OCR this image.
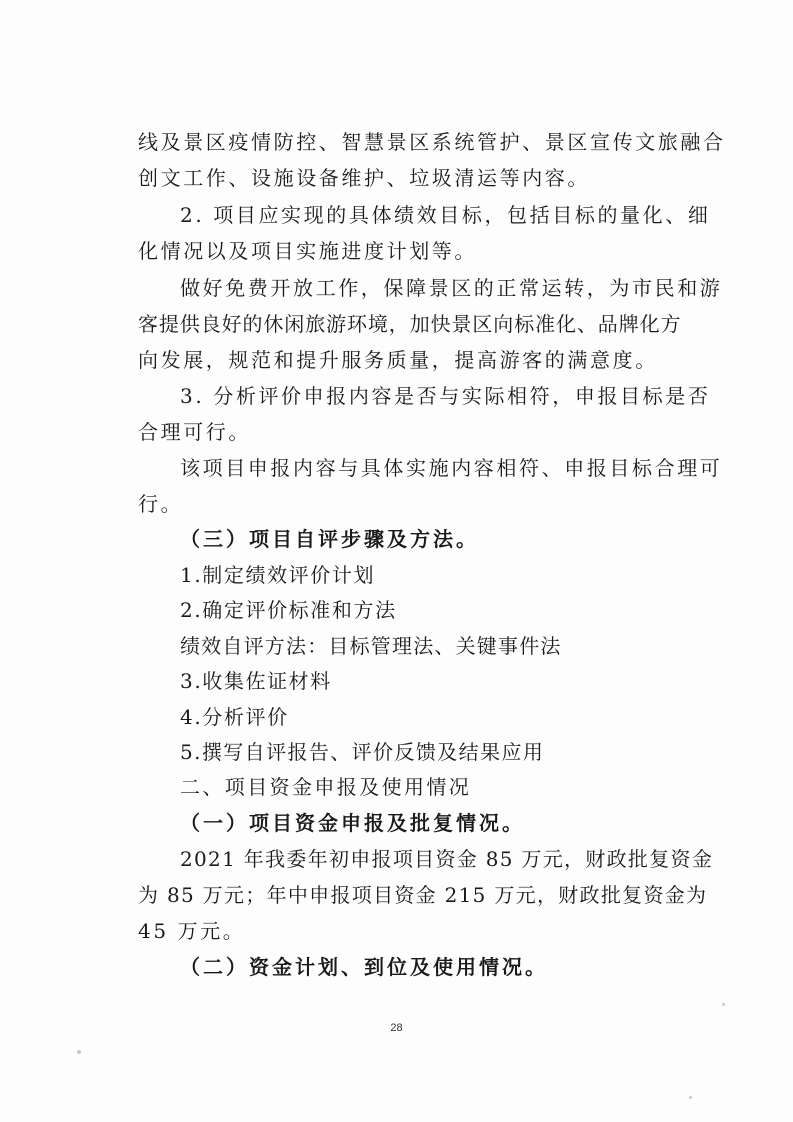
线及景区疫情防控、智慧景区系统管护、景区宣传文旅融合
创文工作、设施设备维护、垃圾清运等内容。
2. 项目应实现的具体绩效目标，包括目标的量化、细
化情况以及项目实施进度计划等。
做好免费开放工作，保障景区的正常运转，为市民和游
客提供良好的休闲旅游环境，加快景区向标准化、品牌化方
向发展，规范和提升服务质量，提高游客的满意度。
3. 分析评价申报内容是否与实际相符，申报目标是否
合理可行。
该项目申报内容与具体实施内容相符、申报目标合理可
行。
（三）项目自评步骤及方法。
1.制定绩效评价计划
2.确定评价标准和方法
绩效自评方法：目标管理法、关键事件法
3.收集佐证材料
4.分析评价
5.撰写自评报告、评价反馈及结果应用
二、项目资金申报及使用情况
（一）项目资金申报及批复情况。
2021 年我委年初申报项目资金 85 万元，财政批复资金
为 85 万元；年中申报项目资金 215 万元，财政批复资金为
45 万元。
（二）资金计划、到位及使用情况。
28
